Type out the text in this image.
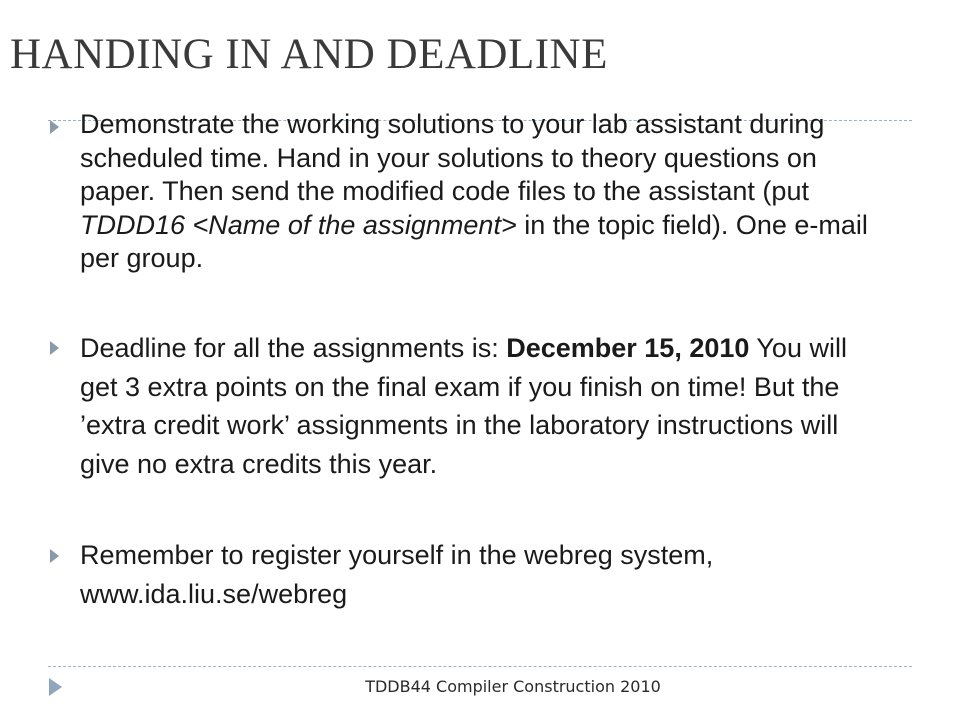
HANDING IN AND DEADLINE
Demonstrate the working solutions to your lab assistant during scheduled time. Hand in your solutions to theory questions on paper. Then send the modified code files to the assistant (put TDDD16 <Name of the assignment> in the topic field). One e-mail per group.
Deadline for all the assignments is: December 15, 2010 You will get 3 extra points on the final exam if you finish on time! But the ’extra credit work’ assignments in the laboratory instructions will give no extra credits this year.
Remember to register yourself in the webreg system, www.ida.liu.se/webreg
TDDB44 Compiler Construction 2010
